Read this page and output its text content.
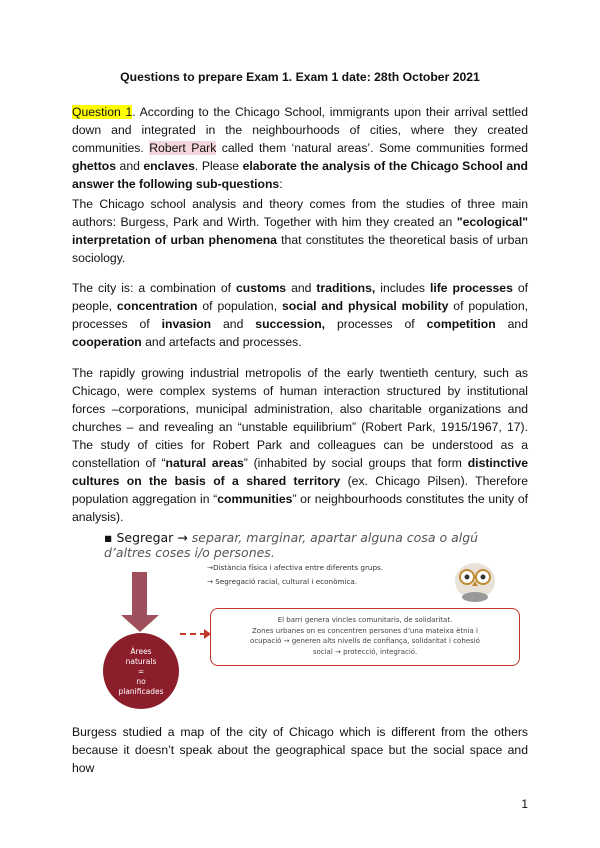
Questions to prepare Exam 1. Exam 1 date: 28th October 2021
Question 1. According to the Chicago School, immigrants upon their arrival settled down and integrated in the neighbourhoods of cities, where they created communities. Robert Park called them ‘natural areas’. Some communities formed ghettos and enclaves. Please elaborate the analysis of the Chicago School and answer the following sub-questions:
The Chicago school analysis and theory comes from the studies of three main authors: Burgess, Park and Wirth. Together with him they created an "ecological" interpretation of urban phenomena that constitutes the theoretical basis of urban sociology.
The city is: a combination of customs and traditions, includes life processes of people, concentration of population, social and physical mobility of population, processes of invasion and succession, processes of competition and cooperation and artefacts and processes.
The rapidly growing industrial metropolis of the early twentieth century, such as Chicago, were complex systems of human interaction structured by institutional forces –corporations, municipal administration, also charitable organizations and churches – and revealing an “unstable equilibrium” (Robert Park, 1915/1967, 17). The study of cities for Robert Park and colleagues can be understood as a constellation of “natural areas” (inhabited by social groups that form distinctive cultures on the basis of a shared territory (ex. Chicago Pilsen). Therefore population aggregation in “communities” or neighbourhoods constitutes the unity of analysis).
▪ Segregar → separar, marginar, apartar alguna cosa o algú d’altres coses i/o persones.
→Distància física i afectiva entre diferents grups.
→ Segregació racial, cultural i econòmica.
Àrees
naturals
=
no
planificades
El barri genera vincles comunitaris, de solidaritat.
Zones urbanes on es concentren persones d’una mateixa ètnia i
ocupació → generen alts nivells de confiança, solidaritat i cohesió
social → protecció, integració.
Burgess studied a map of the city of Chicago which is different from the others because it doesn’t speak about the geographical space but the social space and how
1
